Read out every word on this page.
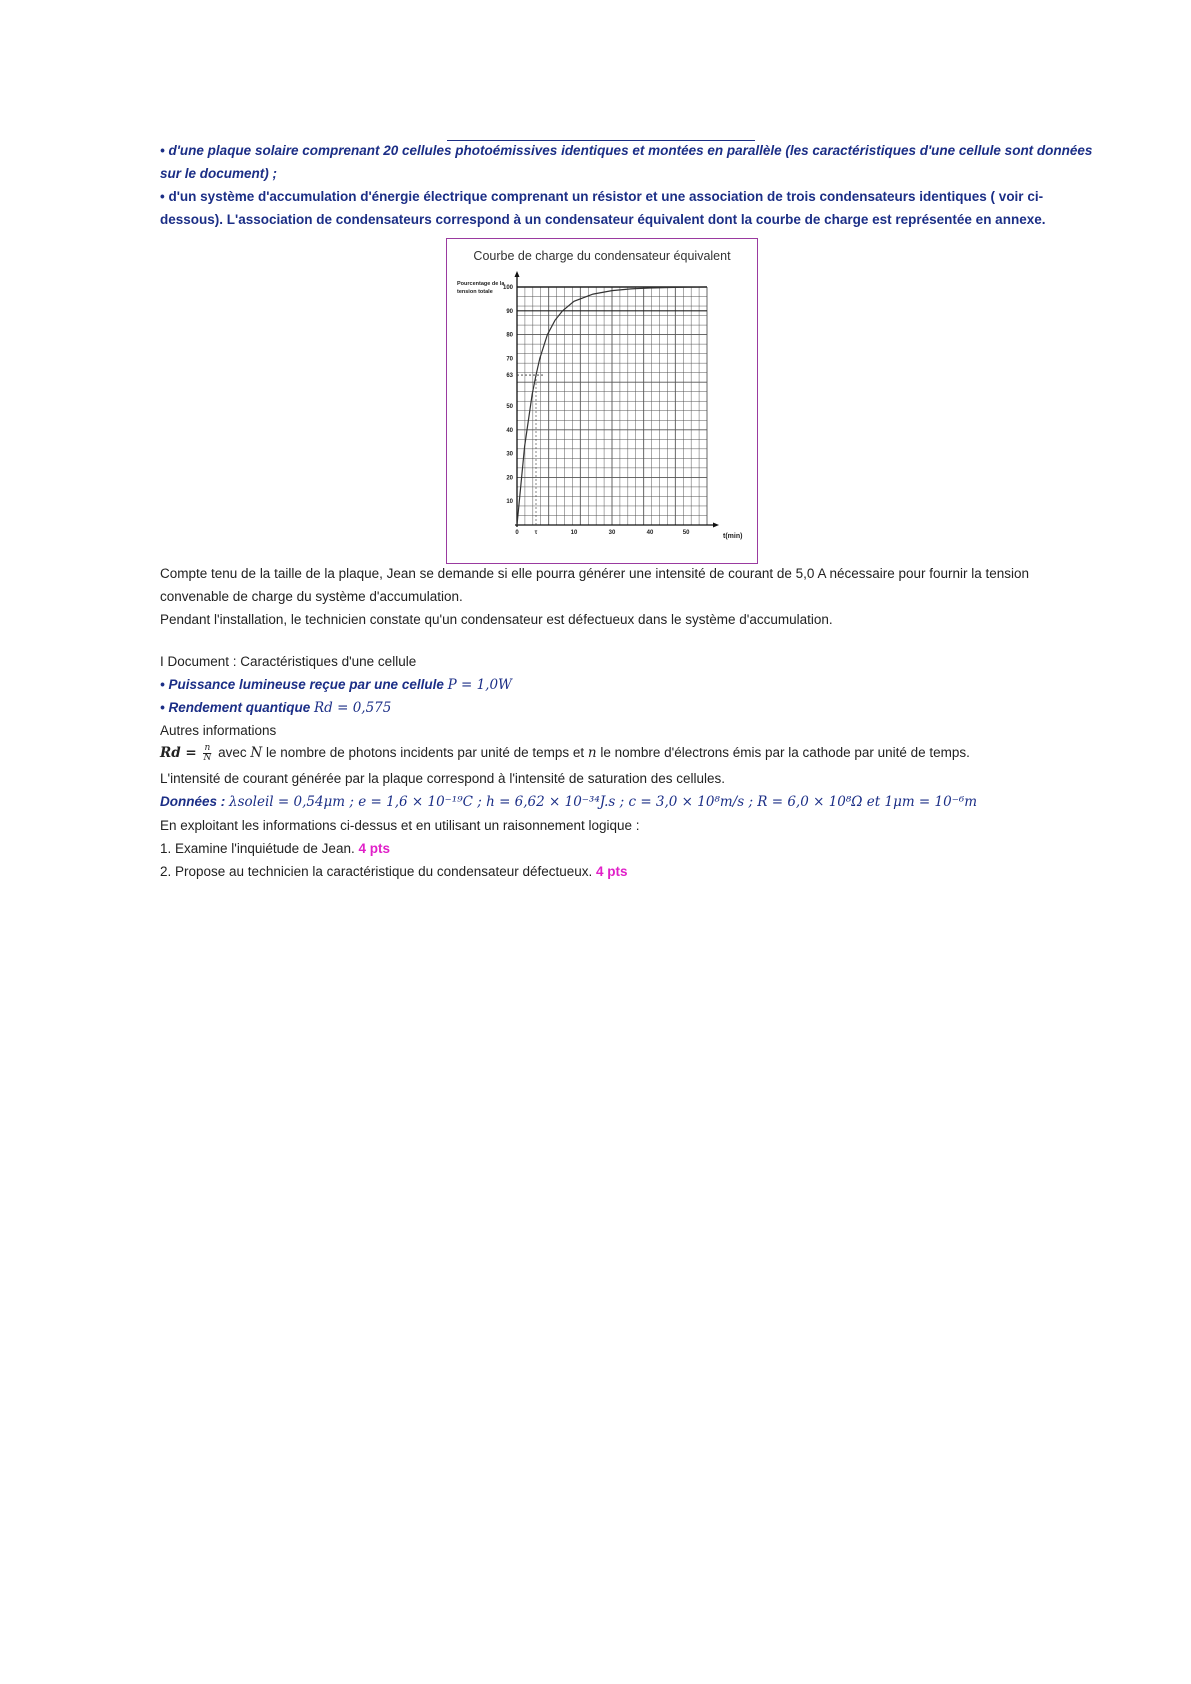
• d'une plaque solaire comprenant 20 cellules photoémissives identiques et montées en parallèle (les caractéristiques d'une cellule sont données
sur le document) ;
• d'un système d'accumulation d'énergie électrique comprenant un résistor et une association de trois condensateurs identiques ( voir ci-
dessous). L'association de condensateurs correspond à un condensateur équivalent dont la courbe de charge est représentée en annexe.
Courbe de charge du condensateur équivalent
Pourcentage de la
tension totale
10
20
30
40
50
63
70
80
90
100
0	τ	10	30	40	50	t(min)
Compte tenu de la taille de la plaque, Jean se demande si elle pourra générer une intensité de courant de 5,0 A nécessaire pour fournir la tension
convenable de charge du système d'accumulation.
Pendant l'installation, le technicien constate qu'un condensateur est défectueux dans le système d'accumulation.
I Document : Caractéristiques d'une cellule
• Puissance lumineuse reçue par une cellule P = 1,0W
• Rendement quantique Rd = 0,575
Autres informations
$Rd = \frac{n}{N}$ avec N le nombre de photons incidents par unité de temps et n le nombre d'électrons émis par la cathode par unité de temps.
L'intensité de courant générée par la plaque correspond à l'intensité de saturation des cellules.
Données : λsoleil = 0,54μm ; e = 1,6 × 10⁻¹⁹C ; h = 6,62 × 10⁻³⁴J.s ; c = 3,0 × 10⁸m/s ; R = 6,0 × 10⁸Ω et 1μm = 10⁻⁶m
En exploitant les informations ci-dessus et en utilisant un raisonnement logique :
1. Examine l'inquiétude de Jean. 4 pts
2. Propose au technicien la caractéristique du condensateur défectueux. 4 pts
